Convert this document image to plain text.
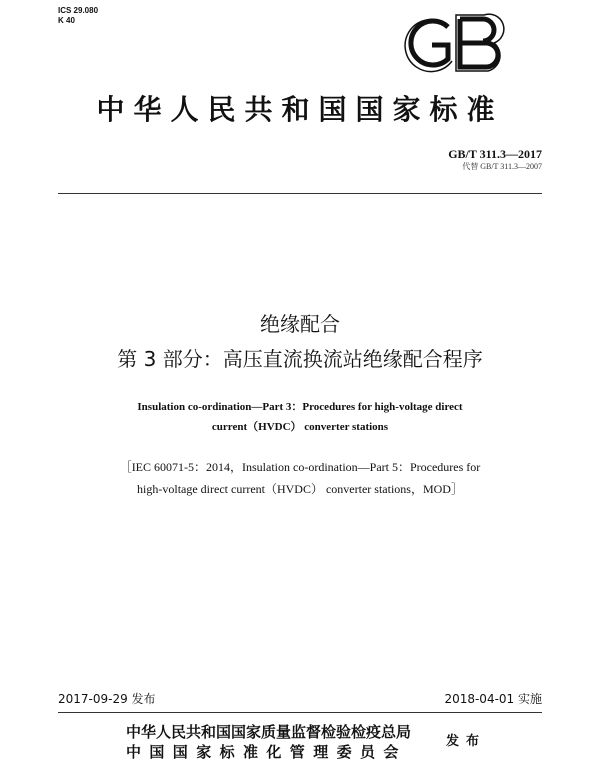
ICS 29.080
K 40
中华人民共和国国家标准
GB/T 311.3—2017
代替 GB/T 311.3—2007
绝缘配合
第 3 部分：高压直流换流站绝缘配合程序
Insulation co-ordination—Part 3：Procedures for high-voltage direct
current（HVDC） converter stations
［IEC 60071-5：2014，Insulation co-ordination—Part 5：Procedures for
high-voltage direct current（HVDC） converter stations，MOD］
2017-09-29 发布	2018-04-01 实施
中华人民共和国国家质量监督检验检疫总局
中国国家标准化管理委员会
发布
